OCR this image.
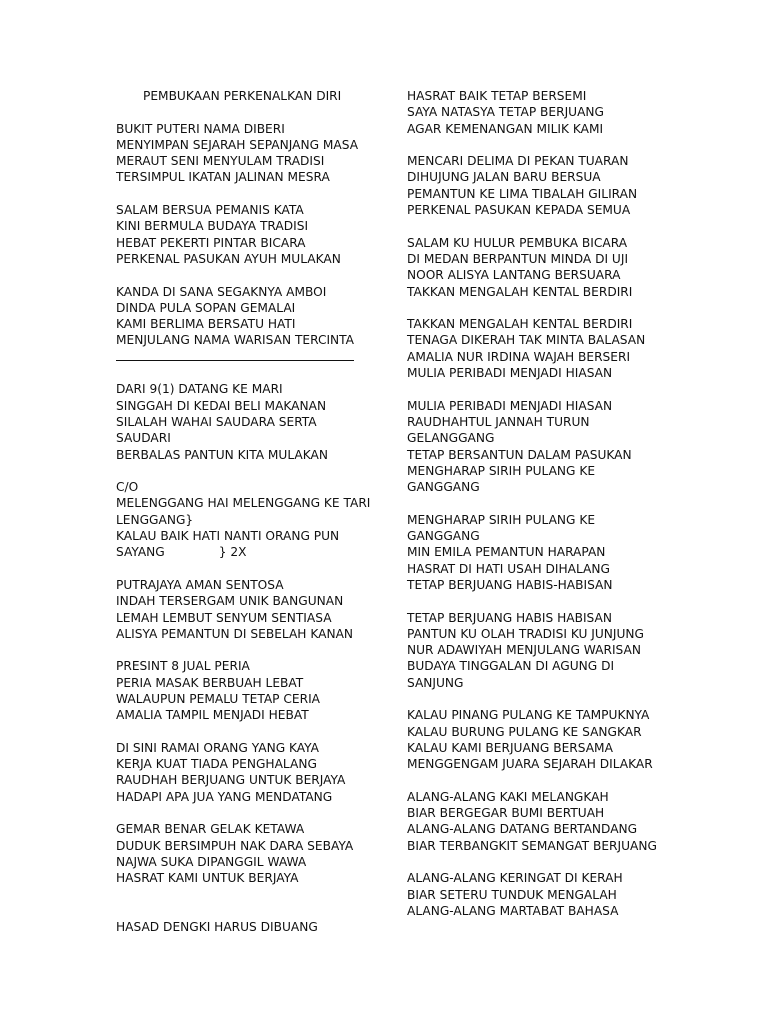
PEMBUKAAN PERKENALKAN DIRI
BUKIT PUTERI NAMA DIBERI
MENYIMPAN SEJARAH SEPANJANG MASA
MERAUT SENI MENYULAM TRADISI
TERSIMPUL IKATAN JALINAN MESRA
SALAM BERSUA PEMANIS KATA
KINI BERMULA BUDAYA TRADISI
HEBAT PEKERTI PINTAR BICARA
PERKENAL PASUKAN AYUH MULAKAN
KANDA DI SANA SEGAKNYA AMBOI
DINDA PULA SOPAN GEMALAI
KAMI BERLIMA BERSATU HATI
MENJULANG NAMA WARISAN TERCINTA
DARI 9(1) DATANG KE MARI
SINGGAH DI KEDAI BELI MAKANAN
SILALAH WAHAI SAUDARA SERTA
SAUDARI
BERBALAS PANTUN KITA MULAKAN
C/O
MELENGGANG HAI MELENGGANG KE TARI
LENGGANG}
KALAU BAIK HATI NANTI ORANG PUN
SAYANG	} 2X
PUTRAJAYA AMAN SENTOSA
INDAH TERSERGAM UNIK BANGUNAN
LEMAH LEMBUT SENYUM SENTIASA
ALISYA PEMANTUN DI SEBELAH KANAN
PRESINT 8 JUAL PERIA
PERIA MASAK BERBUAH LEBAT
WALAUPUN PEMALU TETAP CERIA
AMALIA TAMPIL MENJADI HEBAT
DI SINI RAMAI ORANG YANG KAYA
KERJA KUAT TIADA PENGHALANG
RAUDHAH BERJUANG UNTUK BERJAYA
HADAPI APA JUA YANG MENDATANG
GEMAR BENAR GELAK KETAWA
DUDUK BERSIMPUH NAK DARA SEBAYA
NAJWA SUKA DIPANGGIL WAWA
HASRAT KAMI UNTUK BERJAYA
HASAD DENGKI HARUS DIBUANG
HASRAT BAIK TETAP BERSEMI
SAYA NATASYA TETAP BERJUANG
AGAR KEMENANGAN MILIK KAMI
MENCARI DELIMA DI PEKAN TUARAN
DIHUJUNG JALAN BARU BERSUA
PEMANTUN KE LIMA TIBALAH GILIRAN
PERKENAL PASUKAN KEPADA SEMUA
SALAM KU HULUR PEMBUKA BICARA
DI MEDAN BERPANTUN MINDA DI UJI
NOOR ALISYA LANTANG BERSUARA
TAKKAN MENGALAH KENTAL BERDIRI
TAKKAN MENGALAH KENTAL BERDIRI
TENAGA DIKERAH TAK MINTA BALASAN
AMALIA NUR IRDINA WAJAH BERSERI
MULIA PERIBADI MENJADI HIASAN
MULIA PERIBADI MENJADI HIASAN
RAUDHAHTUL JANNAH TURUN
GELANGGANG
TETAP BERSANTUN DALAM PASUKAN
MENGHARAP SIRIH PULANG KE
GANGGANG
MENGHARAP SIRIH PULANG KE
GANGGANG
MIN EMILA PEMANTUN HARAPAN
HASRAT DI HATI USAH DIHALANG
TETAP BERJUANG HABIS-HABISAN
TETAP BERJUANG HABIS HABISAN
PANTUN KU OLAH TRADISI KU JUNJUNG
NUR ADAWIYAH MENJULANG WARISAN
BUDAYA TINGGALAN DI AGUNG DI
SANJUNG
KALAU PINANG PULANG KE TAMPUKNYA
KALAU BURUNG PULANG KE SANGKAR
KALAU KAMI BERJUANG BERSAMA
MENGGENGAM JUARA SEJARAH DILAKAR
ALANG-ALANG KAKI MELANGKAH
BIAR BERGEGAR BUMI BERTUAH
ALANG-ALANG DATANG BERTANDANG
BIAR TERBANGKIT SEMANGAT BERJUANG
ALANG-ALANG KERINGAT DI KERAH
BIAR SETERU TUNDUK MENGALAH
ALANG-ALANG MARTABAT BAHASA
